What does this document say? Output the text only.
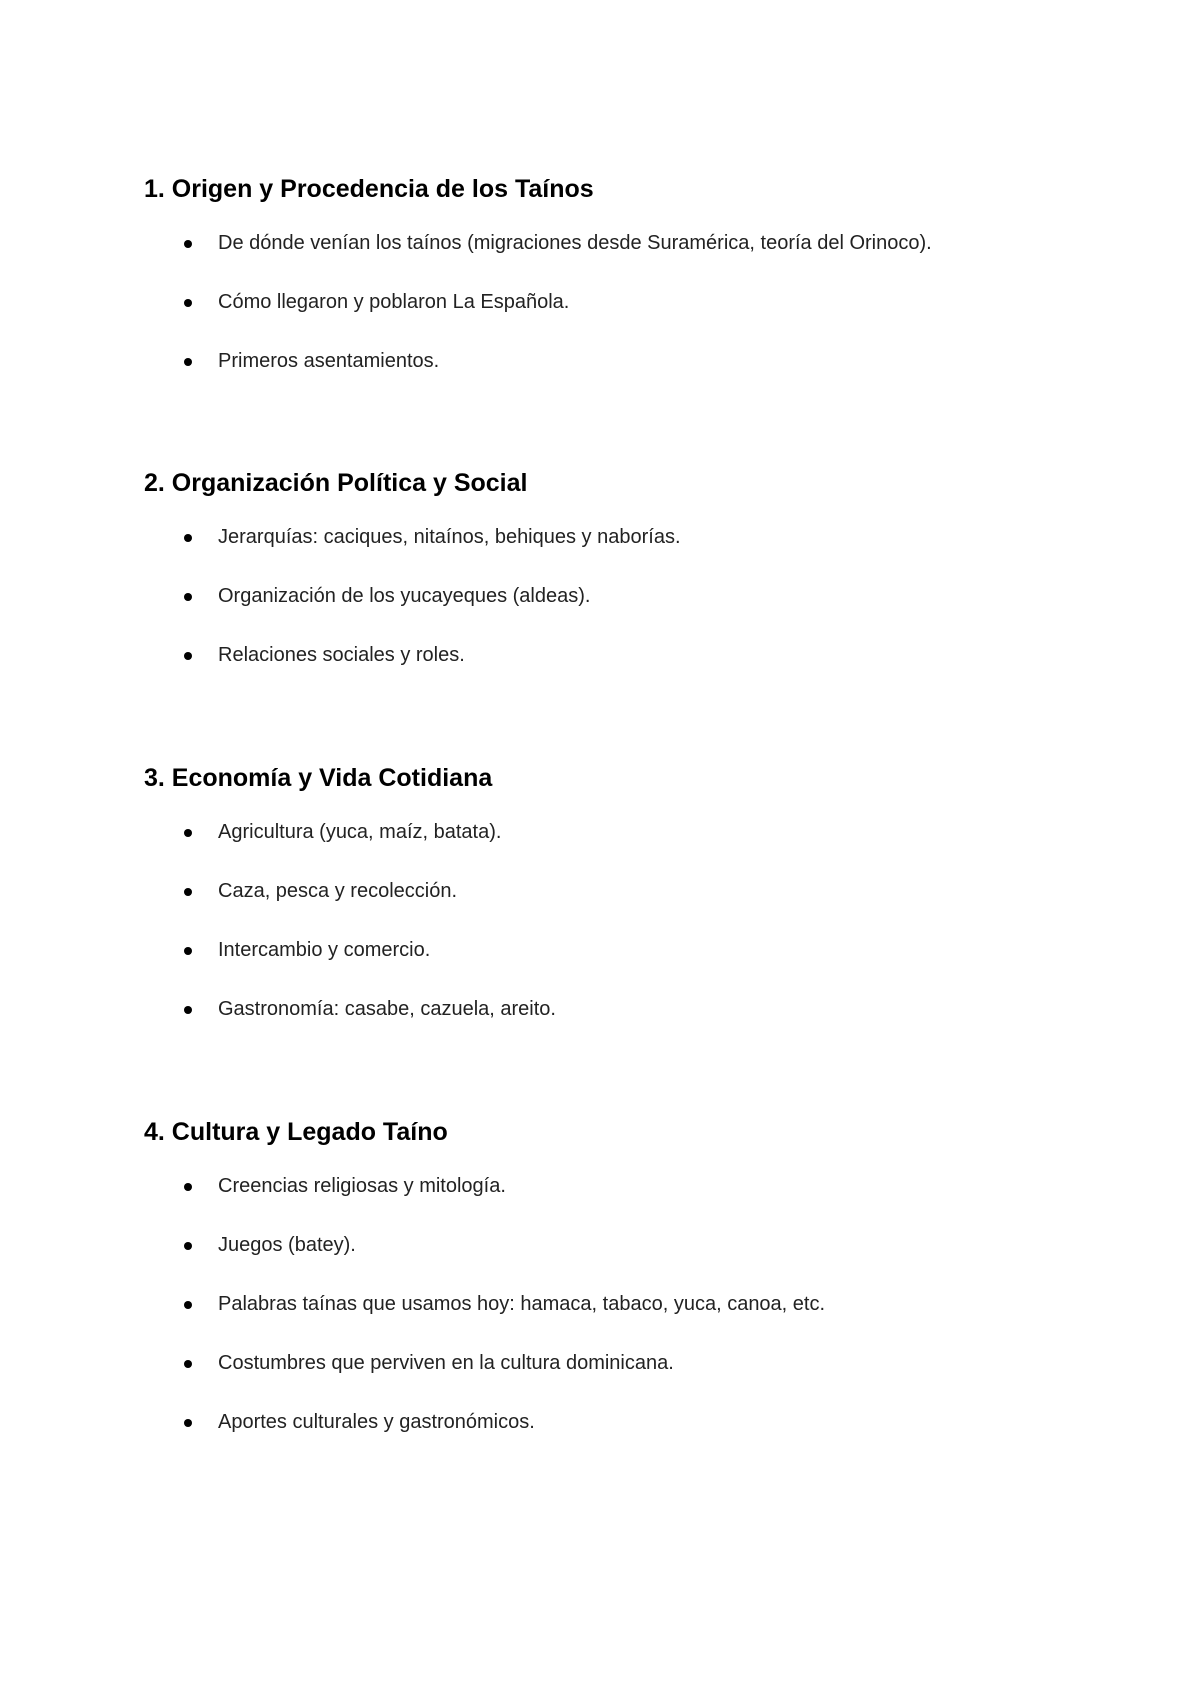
1. Origen y Procedencia de los Taínos
De dónde venían los taínos (migraciones desde Suramérica, teoría del Orinoco).
Cómo llegaron y poblaron La Española.
Primeros asentamientos.
2. Organización Política y Social
Jerarquías: caciques, nitaínos, behiques y naborías.
Organización de los yucayeques (aldeas).
Relaciones sociales y roles.
3. Economía y Vida Cotidiana
Agricultura (yuca, maíz, batata).
Caza, pesca y recolección.
Intercambio y comercio.
Gastronomía: casabe, cazuela, areito.
4. Cultura y Legado Taíno
Creencias religiosas y mitología.
Juegos (batey).
Palabras taínas que usamos hoy: hamaca, tabaco, yuca, canoa, etc.
Costumbres que perviven en la cultura dominicana.
Aportes culturales y gastronómicos.
